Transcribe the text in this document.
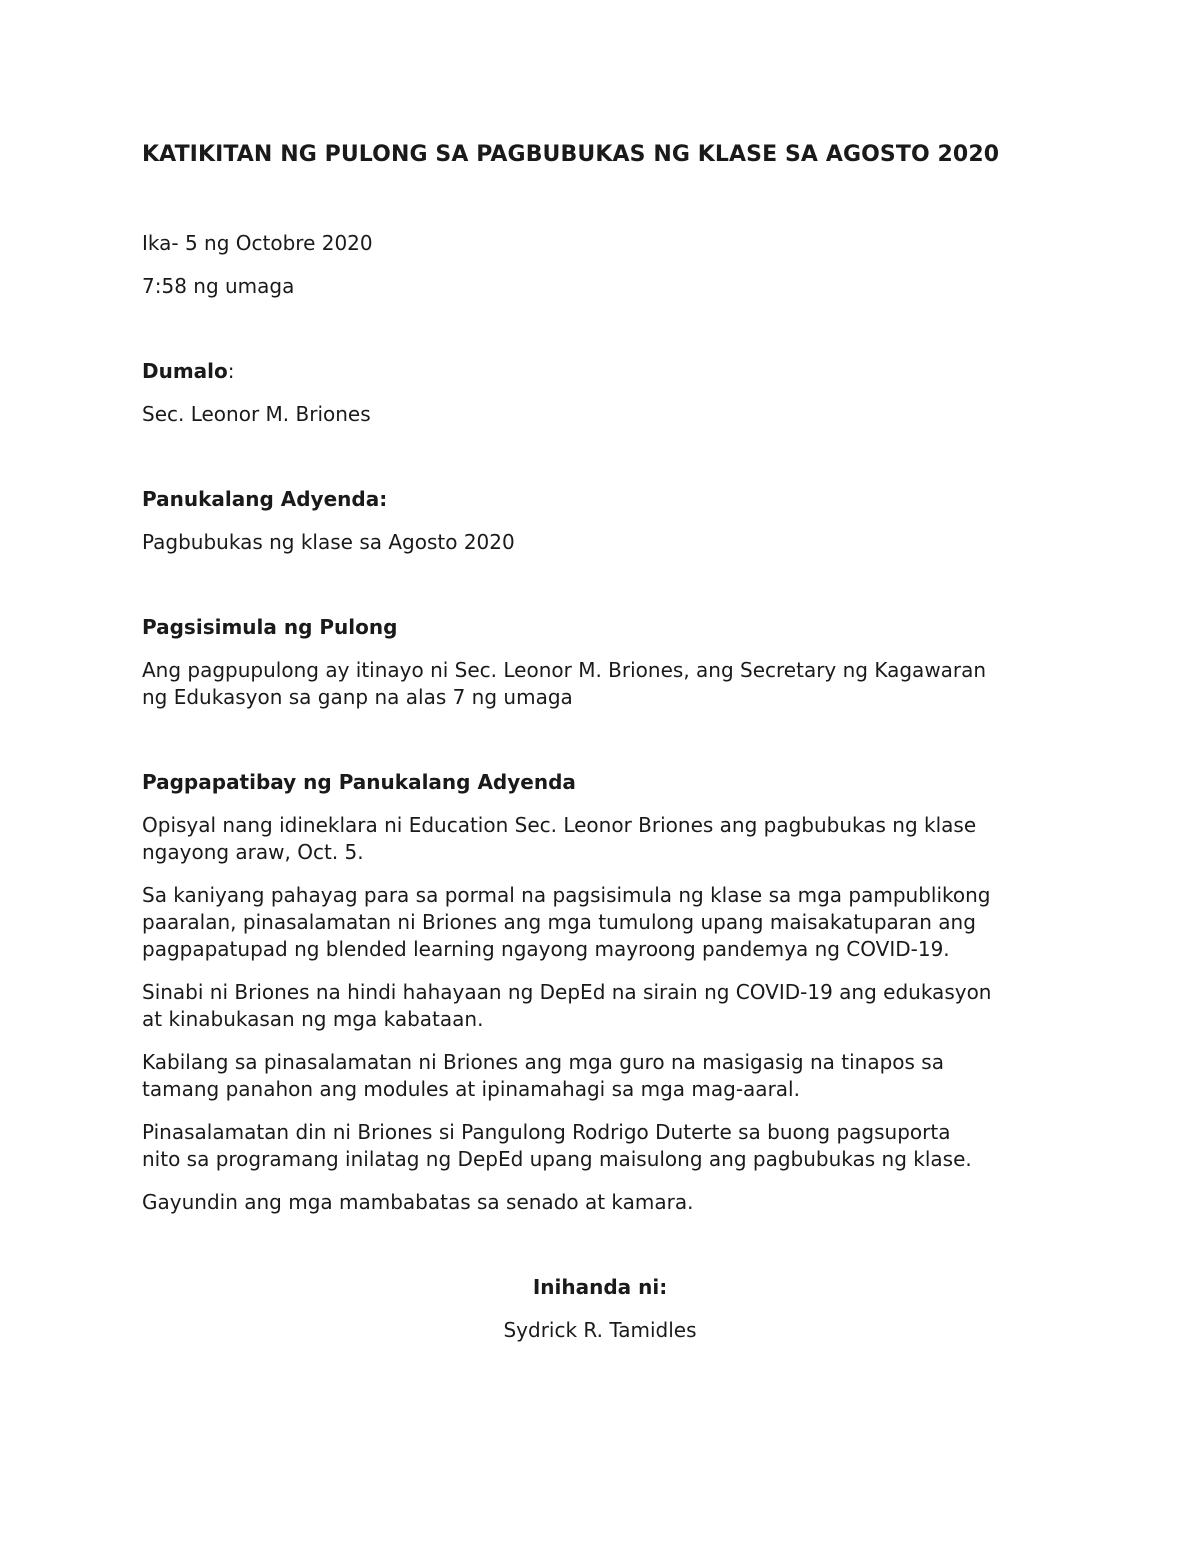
KATIKITAN NG PULONG SA PAGBUBUKAS NG KLASE SA AGOSTO 2020

Ika- 5 ng Octobre 2020

7:58 ng umaga

Dumalo:

Sec. Leonor M. Briones

Panukalang Adyenda:

Pagbubukas ng klase sa Agosto 2020

Pagsisimula ng Pulong

Ang pagpupulong ay itinayo ni Sec. Leonor M. Briones, ang Secretary ng Kagawaran

ng Edukasyon sa ganp na alas 7 ng umaga

Pagpapatibay ng Panukalang Adyenda

Opisyal nang idineklara ni Education Sec. Leonor Briones ang pagbubukas ng klase

ngayong araw, Oct. 5.

Sa kaniyang pahayag para sa pormal na pagsisimula ng klase sa mga pampublikong

paaralan, pinasalamatan ni Briones ang mga tumulong upang maisakatuparan ang

pagpapatupad ng blended learning ngayong mayroong pandemya ng COVID-19.

Sinabi ni Briones na hindi hahayaan ng DepEd na sirain ng COVID-19 ang edukasyon

at kinabukasan ng mga kabataan.

Kabilang sa pinasalamatan ni Briones ang mga guro na masigasig na tinapos sa

tamang panahon ang modules at ipinamahagi sa mga mag-aaral.

Pinasalamatan din ni Briones si Pangulong Rodrigo Duterte sa buong pagsuporta

nito sa programang inilatag ng DepEd upang maisulong ang pagbubukas ng klase.

Gayundin ang mga mambabatas sa senado at kamara.

Inihanda ni:

Sydrick R. Tamidles
